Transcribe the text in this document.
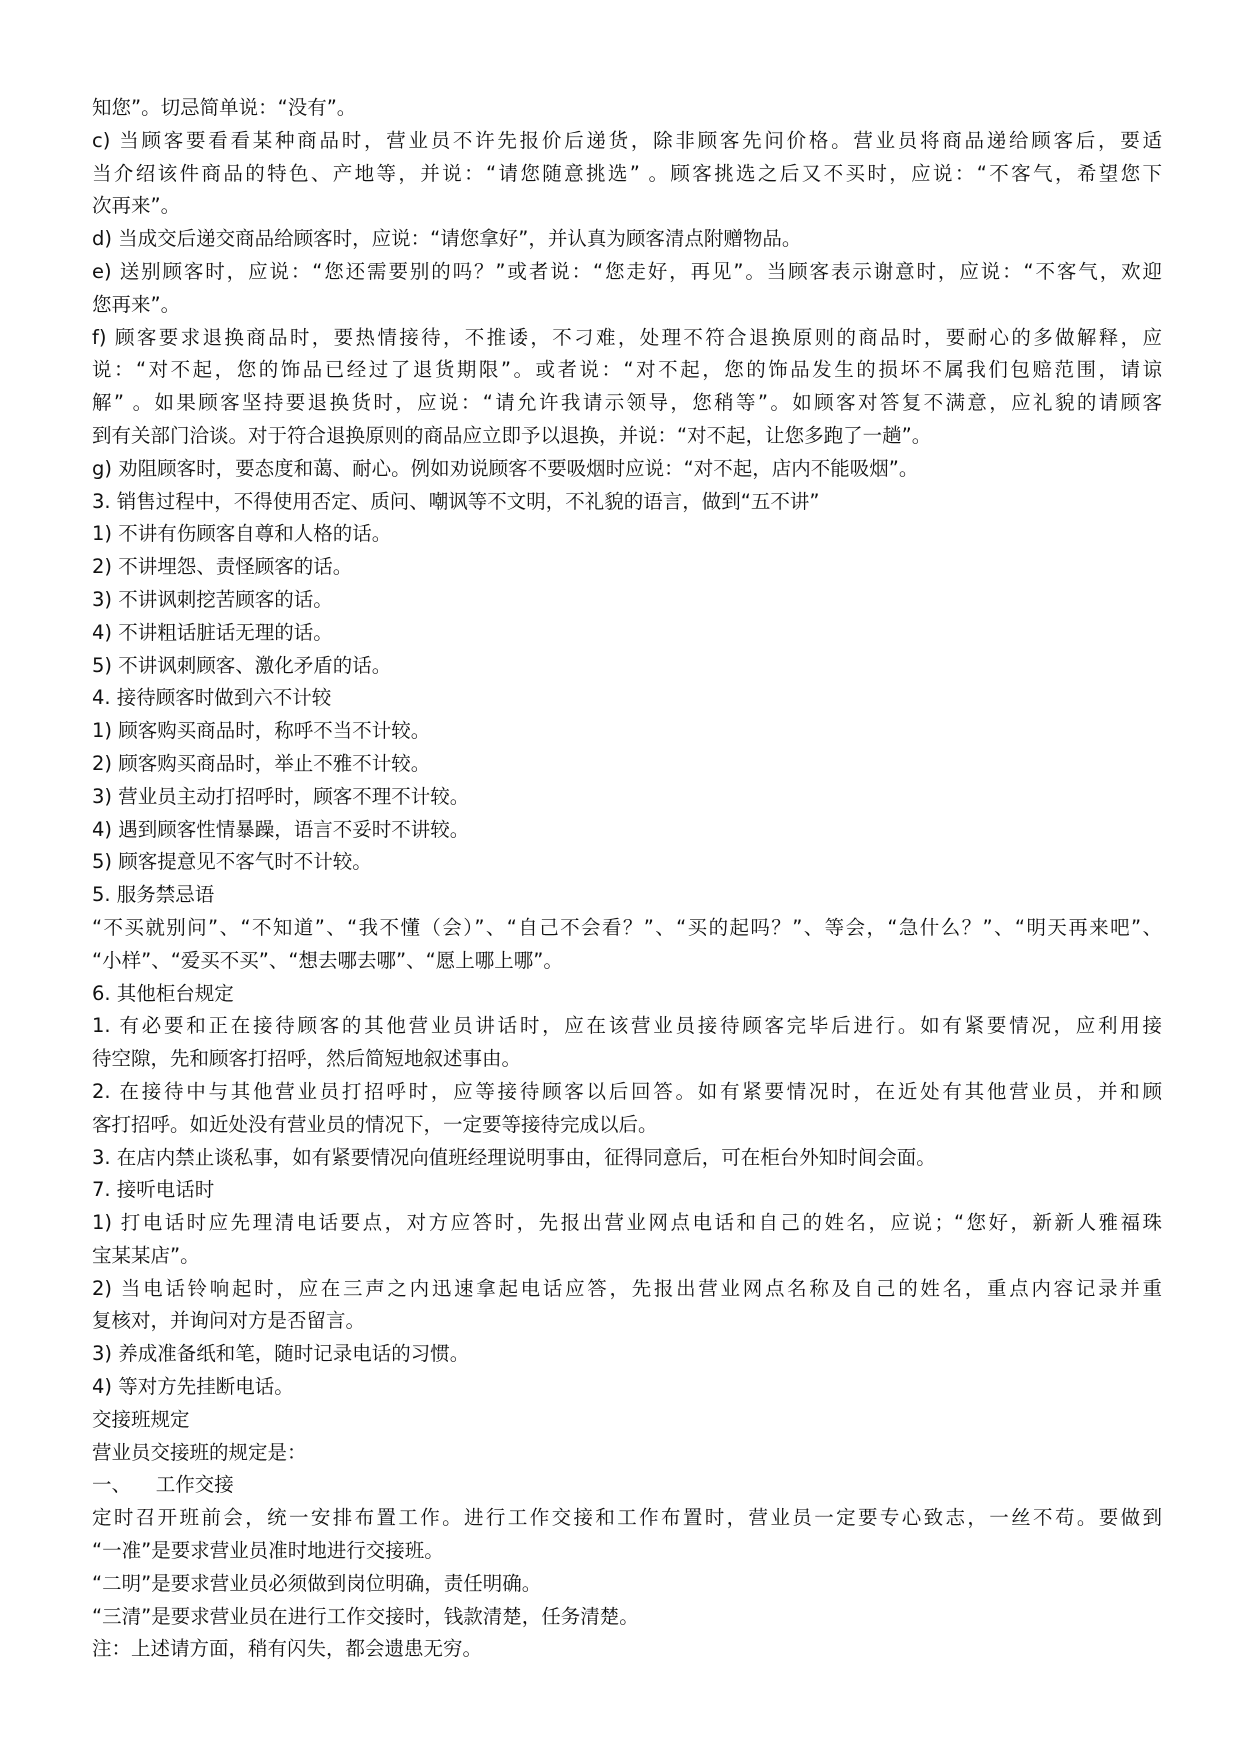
知您”。切忌简单说：“没有”。

c) 当顾客要看看某种商品时，营业员不许先报价后递货，除非顾客先问价格。营业员将商品递给顾客后，要适

当介绍该件商品的特色、产地等，并说：“请您随意挑选” 。顾客挑选之后又不买时，应说：“不客气，希望您下

次再来”。

d) 当成交后递交商品给顾客时，应说：“请您拿好”，并认真为顾客清点附赠物品。

e) 送别顾客时，应说：“您还需要别的吗？”或者说：“您走好，再见”。当顾客表示谢意时，应说：“不客气，欢迎

您再来”。

f) 顾客要求退换商品时，要热情接待，不推诿，不刁难，处理不符合退换原则的商品时，要耐心的多做解释，应

说：“对不起，您的饰品已经过了退货期限”。或者说：“对不起，您的饰品发生的损坏不属我们包赔范围，请谅

解” 。如果顾客坚持要退换货时，应说：“请允许我请示领导，您稍等”。如顾客对答复不满意，应礼貌的请顾客

到有关部门洽谈。对于符合退换原则的商品应立即予以退换，并说：“对不起，让您多跑了一趟”。

g) 劝阻顾客时，要态度和蔼、耐心。例如劝说顾客不要吸烟时应说：“对不起，店内不能吸烟”。

3. 销售过程中，不得使用否定、质问、嘲讽等不文明，不礼貌的语言，做到“五不讲”

1) 不讲有伤顾客自尊和人格的话。

2) 不讲埋怨、责怪顾客的话。

3) 不讲讽刺挖苦顾客的话。

4) 不讲粗话脏话无理的话。

5) 不讲讽刺顾客、激化矛盾的话。

4. 接待顾客时做到六不计较

1) 顾客购买商品时，称呼不当不计较。

2) 顾客购买商品时，举止不雅不计较。

3) 营业员主动打招呼时，顾客不理不计较。

4) 遇到顾客性情暴躁，语言不妥时不讲较。

5) 顾客提意见不客气时不计较。

5. 服务禁忌语

“不买就别问”、“不知道”、“我不懂（会）”、“自己不会看？”、“买的起吗？”、等会，“急什么？”、“明天再来吧”、

“小样”、“爱买不买”、“想去哪去哪”、“愿上哪上哪”。

6. 其他柜台规定

1. 有必要和正在接待顾客的其他营业员讲话时，应在该营业员接待顾客完毕后进行。如有紧要情况，应利用接

待空隙，先和顾客打招呼，然后简短地叙述事由。

2. 在接待中与其他营业员打招呼时，应等接待顾客以后回答。如有紧要情况时，在近处有其他营业员，并和顾

客打招呼。如近处没有营业员的情况下，一定要等接待完成以后。

3. 在店内禁止谈私事，如有紧要情况向值班经理说明事由，征得同意后，可在柜台外知时间会面。

7. 接听电话时

1) 打电话时应先理清电话要点，对方应答时，先报出营业网点电话和自己的姓名，应说；“您好，新新人雅福珠

宝某某店”。

2) 当电话铃响起时，应在三声之内迅速拿起电话应答，先报出营业网点名称及自己的姓名，重点内容记录并重

复核对，并询问对方是否留言。

3) 养成准备纸和笔，随时记录电话的习惯。

4) 等对方先挂断电话。

交接班规定

营业员交接班的规定是：

一、    工作交接

定时召开班前会，统一安排布置工作。进行工作交接和工作布置时，营业员一定要专心致志，一丝不苟。要做到

“一准”是要求营业员准时地进行交接班。

“二明”是要求营业员必须做到岗位明确，责任明确。

“三清”是要求营业员在进行工作交接时，钱款清楚，任务清楚。

注：上述请方面，稍有闪失，都会遗患无穷。
